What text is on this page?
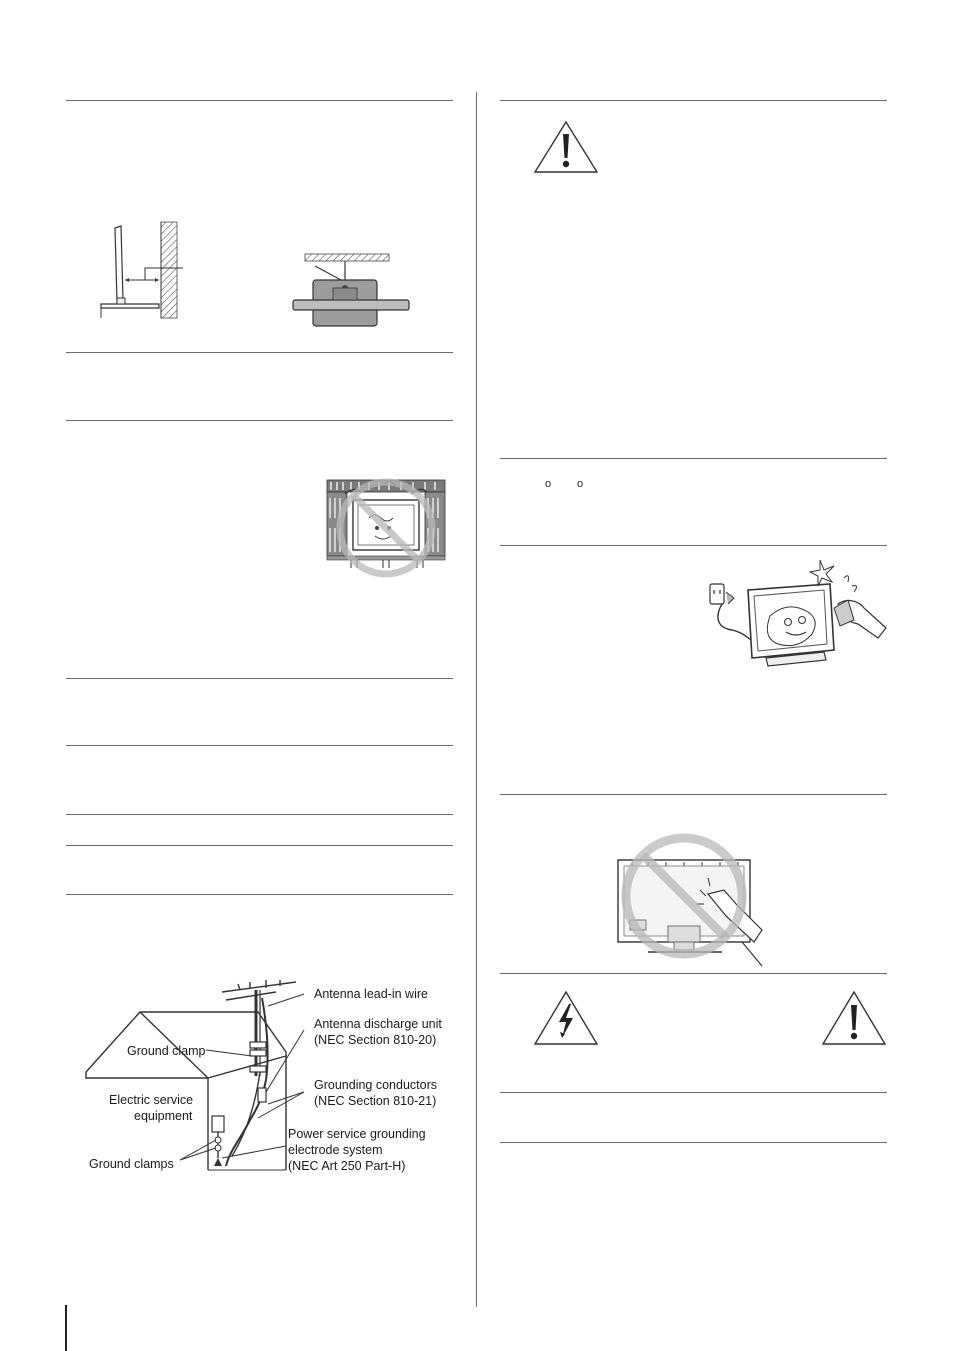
Antenna lead-in wire
Antenna discharge unit
(NEC Section 810-20)
Ground clamp
Grounding conductors
(NEC Section 810-21)
Electric service
equipment
Power service grounding
electrode system
(NEC Art 250 Part-H)
Ground clamps
o o
